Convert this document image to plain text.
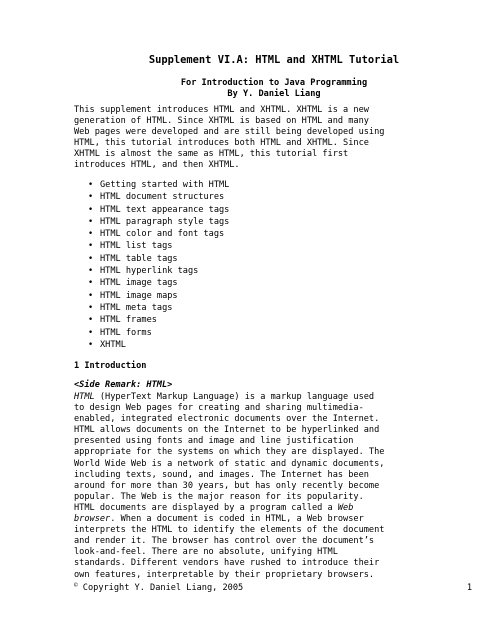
Supplement VI.A: HTML and XHTML Tutorial
For Introduction to Java Programming
By Y. Daniel Liang
This supplement introduces HTML and XHTML. XHTML is a new
generation of HTML. Since XHTML is based on HTML and many
Web pages were developed and are still being developed using
HTML, this tutorial introduces both HTML and XHTML. Since
XHTML is almost the same as HTML, this tutorial first
introduces HTML, and then XHTML.
• Getting started with HTML
• HTML document structures
• HTML text appearance tags
• HTML paragraph style tags
• HTML color and font tags
• HTML list tags
• HTML table tags
• HTML hyperlink tags
• HTML image tags
• HTML image maps
• HTML meta tags
• HTML frames
• HTML forms
• XHTML
1 Introduction
<Side Remark: HTML>
HTML (HyperText Markup Language) is a markup language used
to design Web pages for creating and sharing multimedia-
enabled, integrated electronic documents over the Internet.
HTML allows documents on the Internet to be hyperlinked and
presented using fonts and image and line justification
appropriate for the systems on which they are displayed. The
World Wide Web is a network of static and dynamic documents,
including texts, sound, and images. The Internet has been
around for more than 30 years, but has only recently become
popular. The Web is the major reason for its popularity.
HTML documents are displayed by a program called a Web
browser. When a document is coded in HTML, a Web browser
interprets the HTML to identify the elements of the document
and render it. The browser has control over the document’s
look-and-feel. There are no absolute, unifying HTML
standards. Different vendors have rushed to introduce their
own features, interpretable by their proprietary browsers.
© Copyright Y. Daniel Liang, 2005	1
